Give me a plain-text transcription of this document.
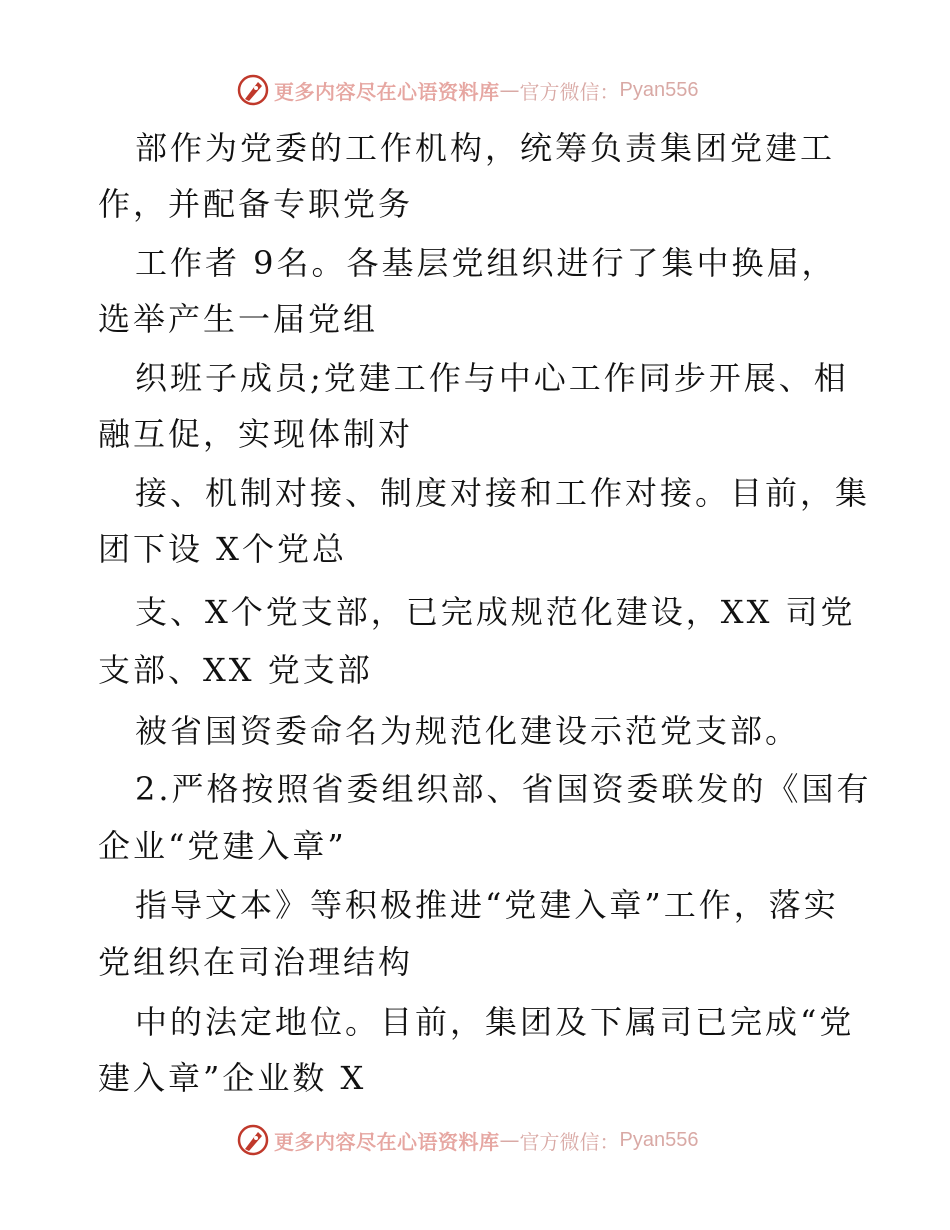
更多内容尽在心语资料库 — 官方微信： Pyan556
部作为党委的工作机构，统筹负责集团党建工
作，并配备专职党务
工作者 9名。各基层党组织进行了集中换届，
选举产生一届党组
织班子成员;党建工作与中心工作同步开展、相
融互促，实现体制对
接、机制对接、制度对接和工作对接。目前，集
团下设 X个党总
支、X个党支部，已完成规范化建设，XX 司党
支部、XX 党支部
被省国资委命名为规范化建设示范党支部。
2.严格按照省委组织部、省国资委联发的《国有
企业“党建入章”
指导文本》等积极推进“党建入章”工作，落实
党组织在司治理结构
中的法定地位。目前，集团及下属司已完成“党
建入章”企业数 X
更多内容尽在心语资料库 — 官方微信： Pyan556
